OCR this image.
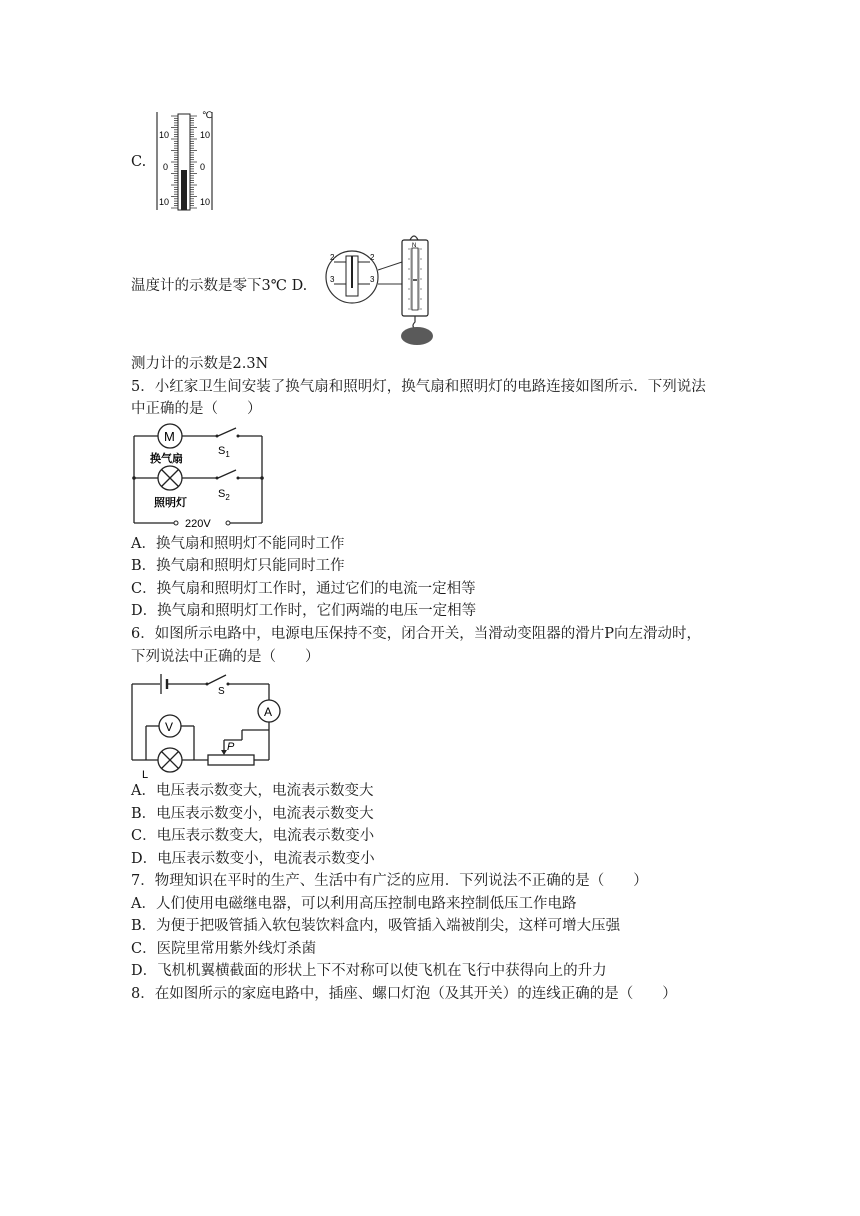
C.
℃
10	10
0	0
10	10
温度计的示数是零下3℃ D.
2	2
3	3
N
测力计的示数是2.3N
5．小红家卫生间安装了换气扇和照明灯，换气扇和照明灯的电路连接如图所示．下列说法
中正确的是（　　）
M
换气扇
$S_1$
照明灯
$S_2$
220V
A．换气扇和照明灯不能同时工作
B．换气扇和照明灯只能同时工作
C．换气扇和照明灯工作时，通过它们的电流一定相等
D．换气扇和照明灯工作时，它们两端的电压一定相等
6．如图所示电路中，电源电压保持不变，闭合开关，当滑动变阻器的滑片P向左滑动时，
下列说法中正确的是（　　）
S
A
V
P
L
A．电压表示数变大，电流表示数变大
B．电压表示数变小，电流表示数变大
C．电压表示数变大，电流表示数变小
D．电压表示数变小，电流表示数变小
7．物理知识在平时的生产、生活中有广泛的应用．下列说法不正确的是（　　）
A．人们使用电磁继电器，可以利用高压控制电路来控制低压工作电路
B．为便于把吸管插入软包装饮料盒内，吸管插入端被削尖，这样可增大压强
C．医院里常用紫外线灯杀菌
D．飞机机翼横截面的形状上下不对称可以使飞机在飞行中获得向上的升力
8．在如图所示的家庭电路中，插座、螺口灯泡（及其开关）的连线正确的是（　　）
